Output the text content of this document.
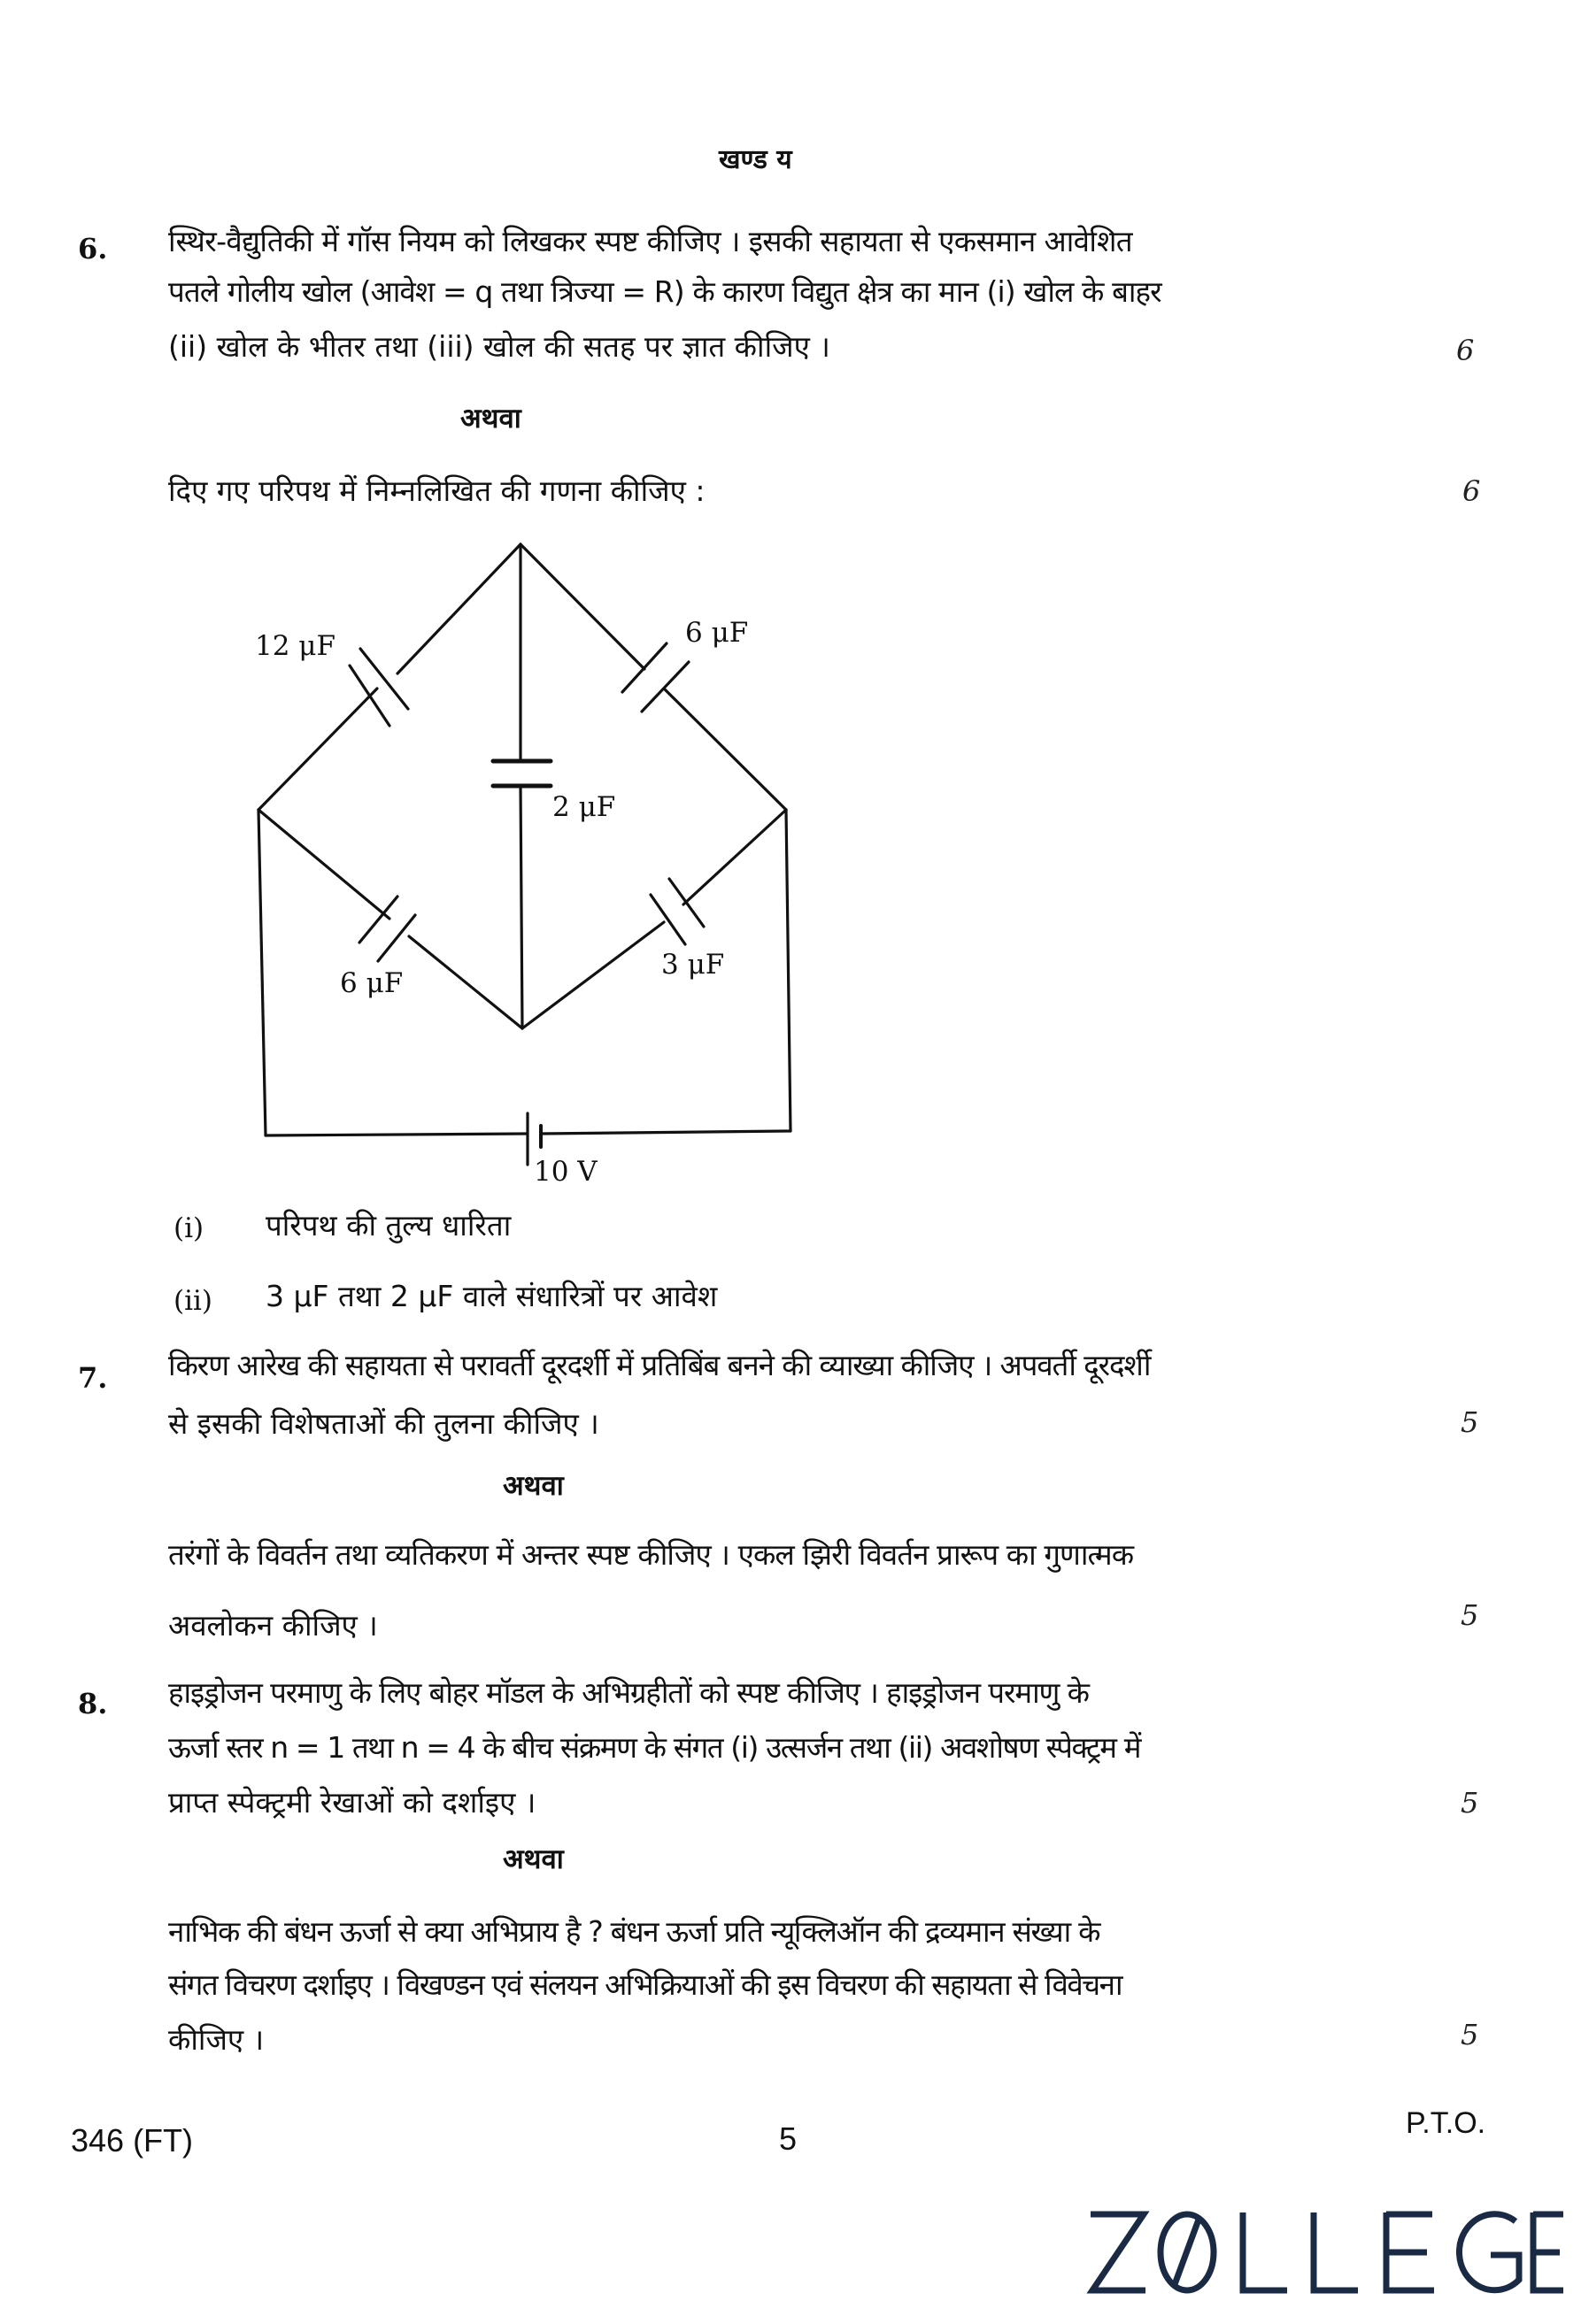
खण्ड य
6. स्थिर-वैद्युतिकी में गॉस नियम को लिखकर स्पष्ट कीजिए । इसकी सहायता से एकसमान आवेशित
पतले गोलीय खोल (आवेश = q तथा त्रिज्या = R) के कारण विद्युत क्षेत्र का मान (i) खोल के बाहर
(ii) खोल के भीतर तथा (iii) खोल की सतह पर ज्ञात कीजिए ।	6
अथवा
दिए गए परिपथ में निम्नलिखित की गणना कीजिए :	6
12 μF	6 μF
2 μF
6 μF
3 μF
10 V
(i) परिपथ की तुल्य धारिता
(ii) 3 μF तथा 2 μF वाले संधारित्रों पर आवेश
7. किरण आरेख की सहायता से परावर्ती दूरदर्शी में प्रतिबिंब बनने की व्याख्या कीजिए । अपवर्ती दूरदर्शी
से इसकी विशेषताओं की तुलना कीजिए ।	5
अथवा
तरंगों के विवर्तन तथा व्यतिकरण में अन्तर स्पष्ट कीजिए । एकल झिरी विवर्तन प्रारूप का गुणात्मक
अवलोकन कीजिए ।	5
8. हाइड्रोजन परमाणु के लिए बोहर मॉडल के अभिग्रहीतों को स्पष्ट कीजिए । हाइड्रोजन परमाणु के
ऊर्जा स्तर n = 1 तथा n = 4 के बीच संक्रमण के संगत (i) उत्सर्जन तथा (ii) अवशोषण स्पेक्ट्रम में
प्राप्त स्पेक्ट्रमी रेखाओं को दर्शाइए ।	5
अथवा
नाभिक की बंधन ऊर्जा से क्या अभिप्राय है ? बंधन ऊर्जा प्रति न्यूक्लिऑन की द्रव्यमान संख्या के
संगत विचरण दर्शाइए । विखण्डन एवं संलयन अभिक्रियाओं की इस विचरण की सहायता से विवेचना
कीजिए ।	5
346 (FT)	5	P.T.O.
